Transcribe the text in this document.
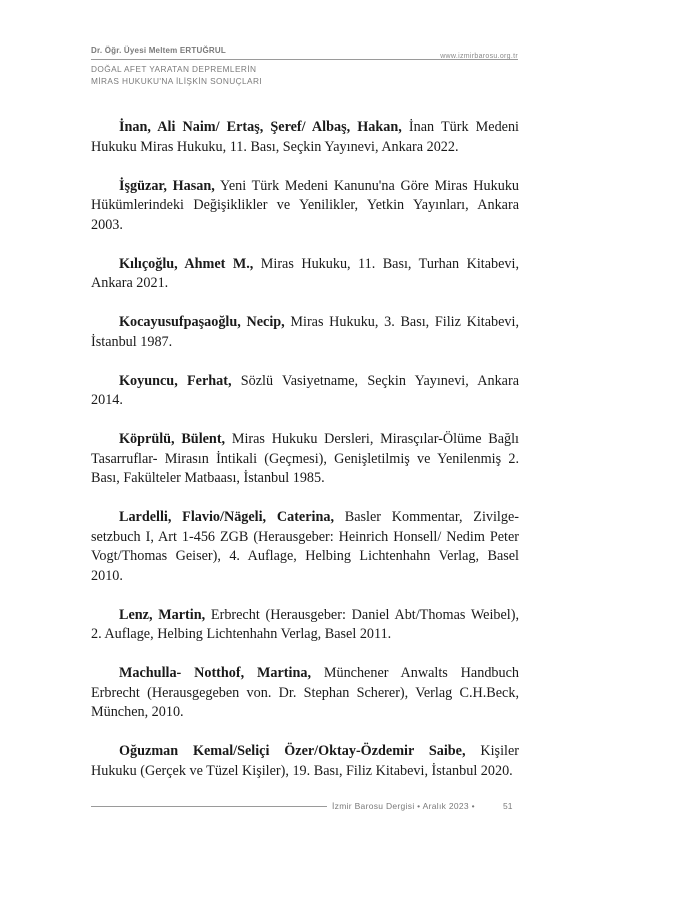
Dr. Öğr. Üyesi Meltem ERTUĞRUL
www.izmirbarosu.org.tr
DOĞAL AFET YARATAN DEPREMLERİN
MİRAS HUKUKU'NA İLİŞKİN SONUÇLARI

İnan, Ali Naim/ Ertaş, Şeref/ Albaş, Hakan, İnan Türk Medeni Hukuku Miras Hukuku, 11. Bası, Seçkin Yayınevi, Ankara 2022.

İşgüzar, Hasan, Yeni Türk Medeni Kanunu'na Göre Miras Hukuku Hükümlerindeki Değişiklikler ve Yenilikler, Yetkin Yayınları, Ankara 2003.

Kılıçoğlu, Ahmet M., Miras Hukuku, 11. Bası, Turhan Kitabevi, Ankara 2021.

Kocayusufpaşaoğlu, Necip, Miras Hukuku, 3. Bası, Filiz Kitabevi, İstanbul 1987.

Koyuncu, Ferhat, Sözlü Vasiyetname, Seçkin Yayınevi, Ankara 2014.

Köprülü, Bülent, Miras Hukuku Dersleri, Mirasçılar-Ölüme Bağlı Tasarruflar- Mirasın İntikali (Geçmesi), Genişletilmiş ve Yenilenmiş 2. Bası, Fakülteler Matbaası, İstanbul 1985.

Lardelli, Flavio/Nägeli, Caterina, Basler Kommentar, Zivilgesetzbuch I, Art 1-456 ZGB (Herausgeber: Heinrich Honsell/ Nedim Peter Vogt/Thomas Geiser), 4. Auflage, Helbing Lichtenhahn Verlag, Basel 2010.

Lenz, Martin, Erbrecht (Herausgeber: Daniel Abt/Thomas Weibel), 2. Auflage, Helbing Lichtenhahn Verlag, Basel 2011.

Machulla- Notthof, Martina, Münchener Anwalts Handbuch Erbrecht (Herausgegeben von. Dr. Stephan Scherer), Verlag C.H.Beck, München, 2010.

Oğuzman Kemal/Seliçi Özer/Oktay-Özdemir Saibe, Kişiler Hukuku (Gerçek ve Tüzel Kişiler), 19. Bası, Filiz Kitabevi, İstanbul 2020.

İzmir Barosu Dergisi • Aralık 2023 •	51
